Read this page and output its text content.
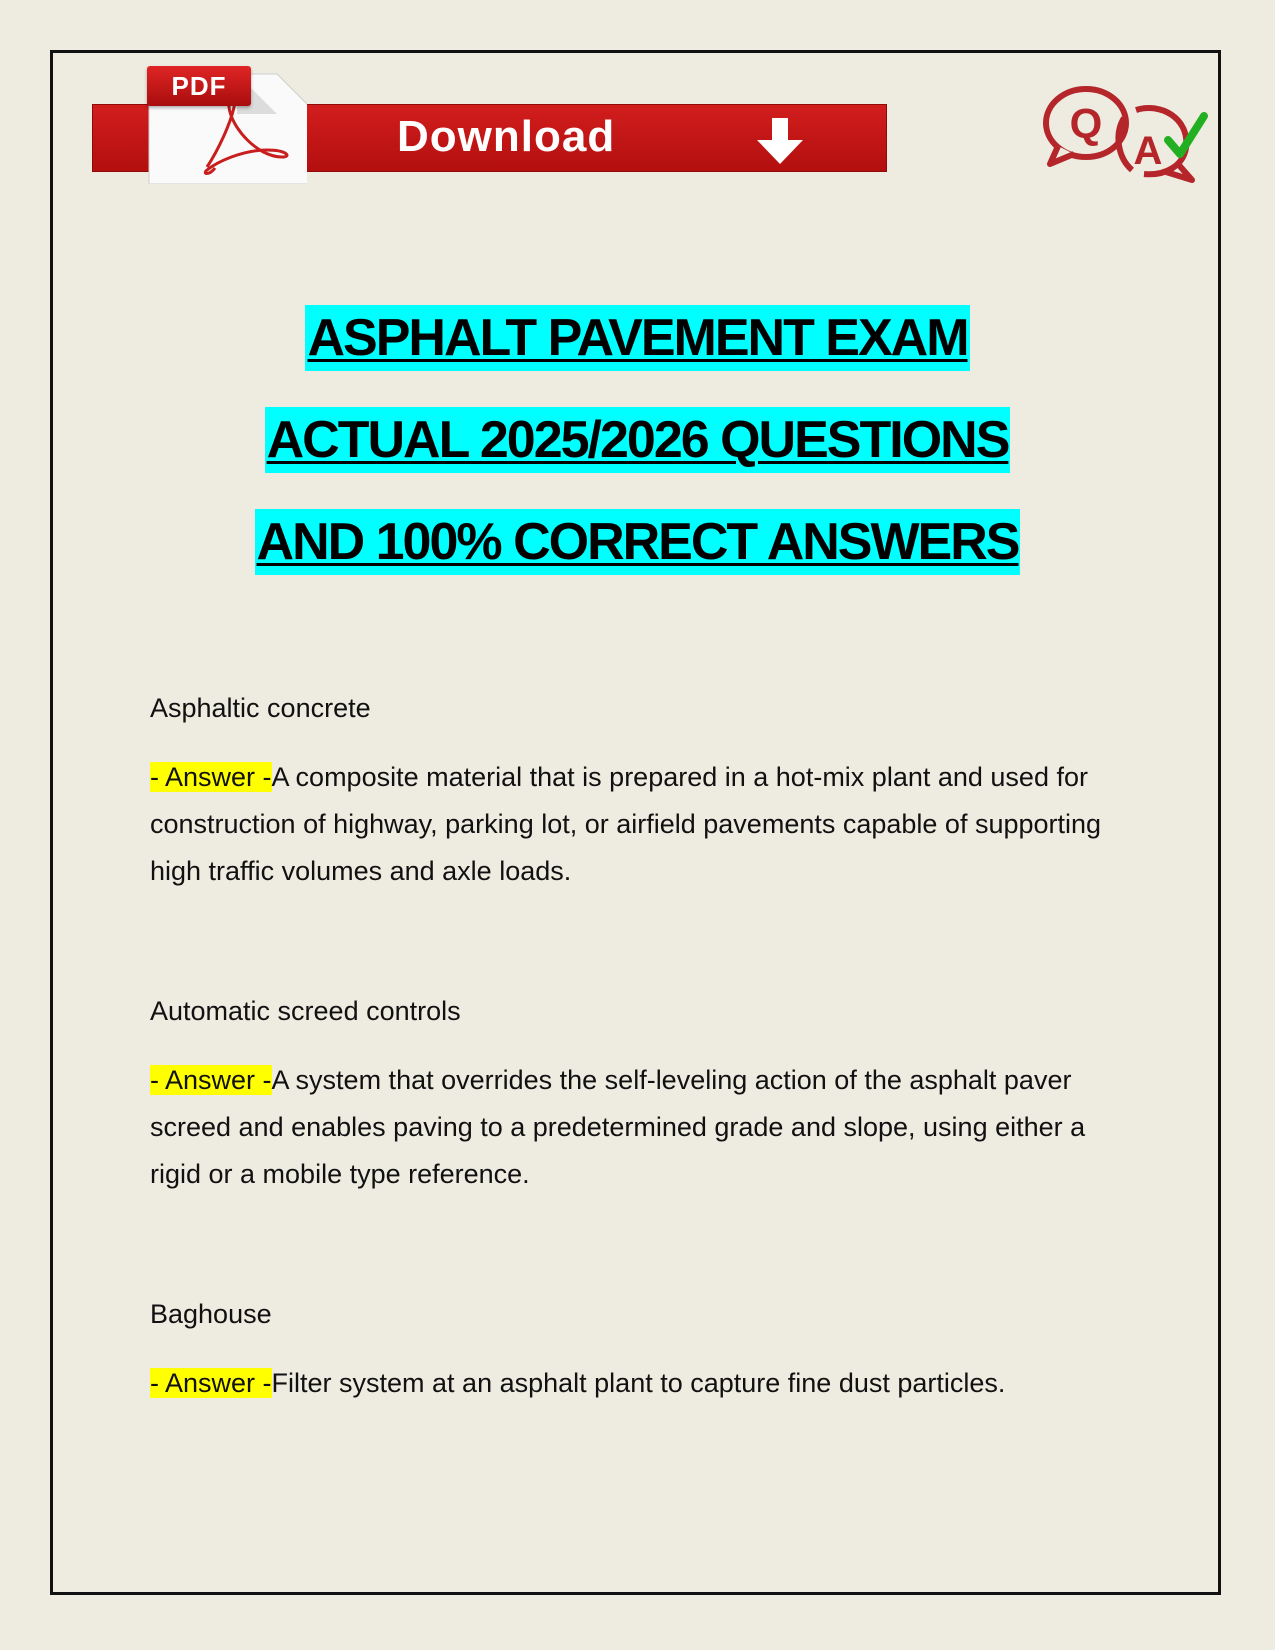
PDF
Download	Q
A
ASPHALT PAVEMENT EXAM
ACTUAL 2025/2026 QUESTIONS
AND 100% CORRECT ANSWERS

Asphaltic concrete

- Answer -A composite material that is prepared in a hot-mix plant and used for construction of highway, parking lot, or airfield pavements capable of supporting high traffic volumes and axle loads.

Automatic screed controls

- Answer -A system that overrides the self-leveling action of the asphalt paver screed and enables paving to a predetermined grade and slope, using either a rigid or a mobile type reference.

Baghouse

- Answer -Filter system at an asphalt plant to capture fine dust particles.
